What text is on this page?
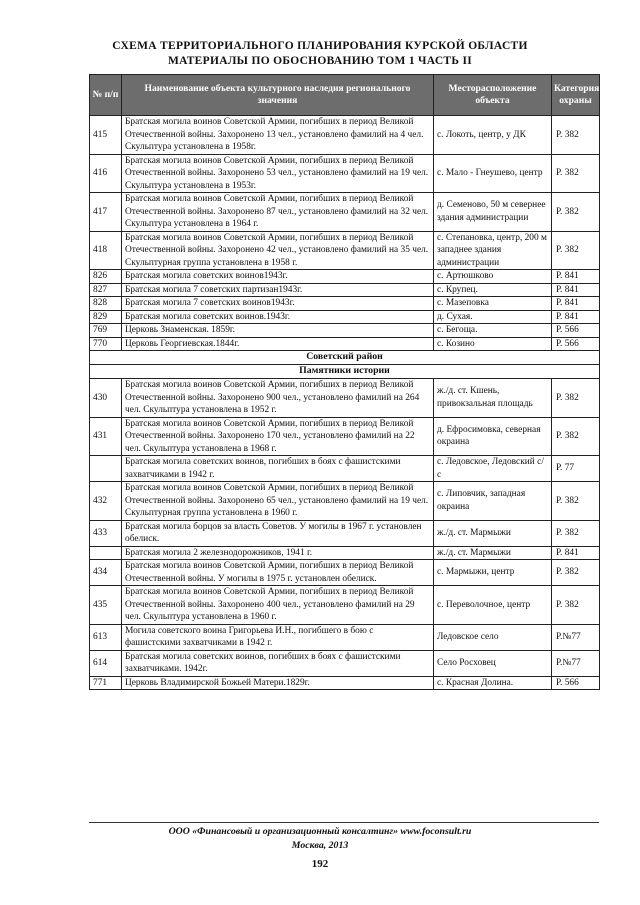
СХЕМА ТЕРРИТОРИАЛЬНОГО ПЛАНИРОВАНИЯ КУРСКОЙ ОБЛАСТИ
МАТЕРИАЛЫ ПО ОБОСНОВАНИЮ ТОМ 1 ЧАСТЬ II
№ п/п	Наименование объекта культурного наследия регионального значения	Месторасположение объекта	Категория охраны
415	Братская могила воинов Советской Армии, погибших в период Великой Отечественной войны. Захоронено 13 чел., установлено фамилий на 4 чел. Скульптура установлена в 1958г.	с. Локоть, центр, у ДК	Р. 382
416	Братская могила воинов Советской Армии, погибших в период Великой Отечественной войны. Захоронено 53 чел., установлено фамилий на 19 чел. Скульптура установлена в 1953г.	с. Мало - Гнеушево, центр	Р. 382
417	Братская могила воинов Советской Армии, погибших в период Великой Отечественной войны. Захоронено 87 чел., установлено фамилий на 32 чел. Скульптура установлена в 1964 г.	д. Семеново, 50 м севернее здания администрации	Р. 382
418	Братская могила воинов Советской Армии, погибших в период Великой Отечественной войны. Захоронено 42 чел., установлено фамилий на 35 чел. Скульптурная группа установлена в 1958 г.	с. Степановка, центр, 200 м западнее здания администрации	Р. 382
826	Братская могила советских воинов1943г.	с. Артюшково	Р. 841
827	Братская могила 7 советских партизан1943г.	с. Крупец.	Р. 841
828	Братская могила 7 советских воинов1943г.	с. Мазеповка	Р. 841
829	Братская могила советских воинов.1943г.	д. Сухая.	Р. 841
769	Церковь Знаменская. 1859г.	с. Бегоща.	Р. 566
770	Церковь Георгиевская.1844г.	с. Козино	Р. 566
Советский район			
Памятники истории			
430	Братская могила воинов Советской Армии, погибших в период Великой Отечественной войны. Захоронено 900 чел., установлено фамилий на 264 чел. Скульптура установлена в 1952 г.	ж./д. ст. Кшень, привокзальная площадь	Р. 382
431	Братская могила воинов Советской Армии, погибших в период Великой Отечественной войны. Захоронено 170 чел., установлено фамилий на 22 чел. Скульптура установлена в 1968 г.	д. Ефросимовка, северная окраина	Р. 382
	Братская могила советских воинов, погибших в боях с фашистскими захватчиками в 1942 г.	с. Ледовское, Ледовский с/с	Р. 77
432	Братская могила воинов Советской Армии, погибших в период Великой Отечественной войны. Захоронено 65 чел., установлено фамилий на 19 чел. Скульптурная группа установлена в 1960 г.	с. Липовчик, западная окраина	Р. 382
433	Братская могила борцов за власть Советов. У могилы в 1967 г. установлен обелиск.	ж./д. ст. Мармыжи	Р. 382
	Братская могила 2 железнодорожников, 1941 г.	ж./д. ст. Мармыжи	Р. 841
434	Братская могила воинов Советской Армии, погибших в период Великой Отечественной войны. У могилы в 1975 г. установлен обелиск.	с. Мармыжи, центр	Р. 382
435	Братская могила воинов Советской Армии, погибших в период Великой Отечественной войны. Захоронено 400 чел., установлено фамилий на 29 чел. Скульптура установлена в 1960 г.	с. Переволочное, центр	Р. 382
613	Могила советского воина Григорьева И.Н., погибшего в бою с фашистскими захватчиками в 1942 г.	Ледовское село	Р.№77
614	Братская могила советских воинов, погибших в боях с фашистскими захватчиками. 1942г.	Село Росховец	Р.№77
771	Церковь Владимирской Божьей Матери.1829г.	с. Красная Долина.	Р. 566
ООО «Финансовый и организационный консалтинг» www.foconsult.ru
Москва, 2013
192
